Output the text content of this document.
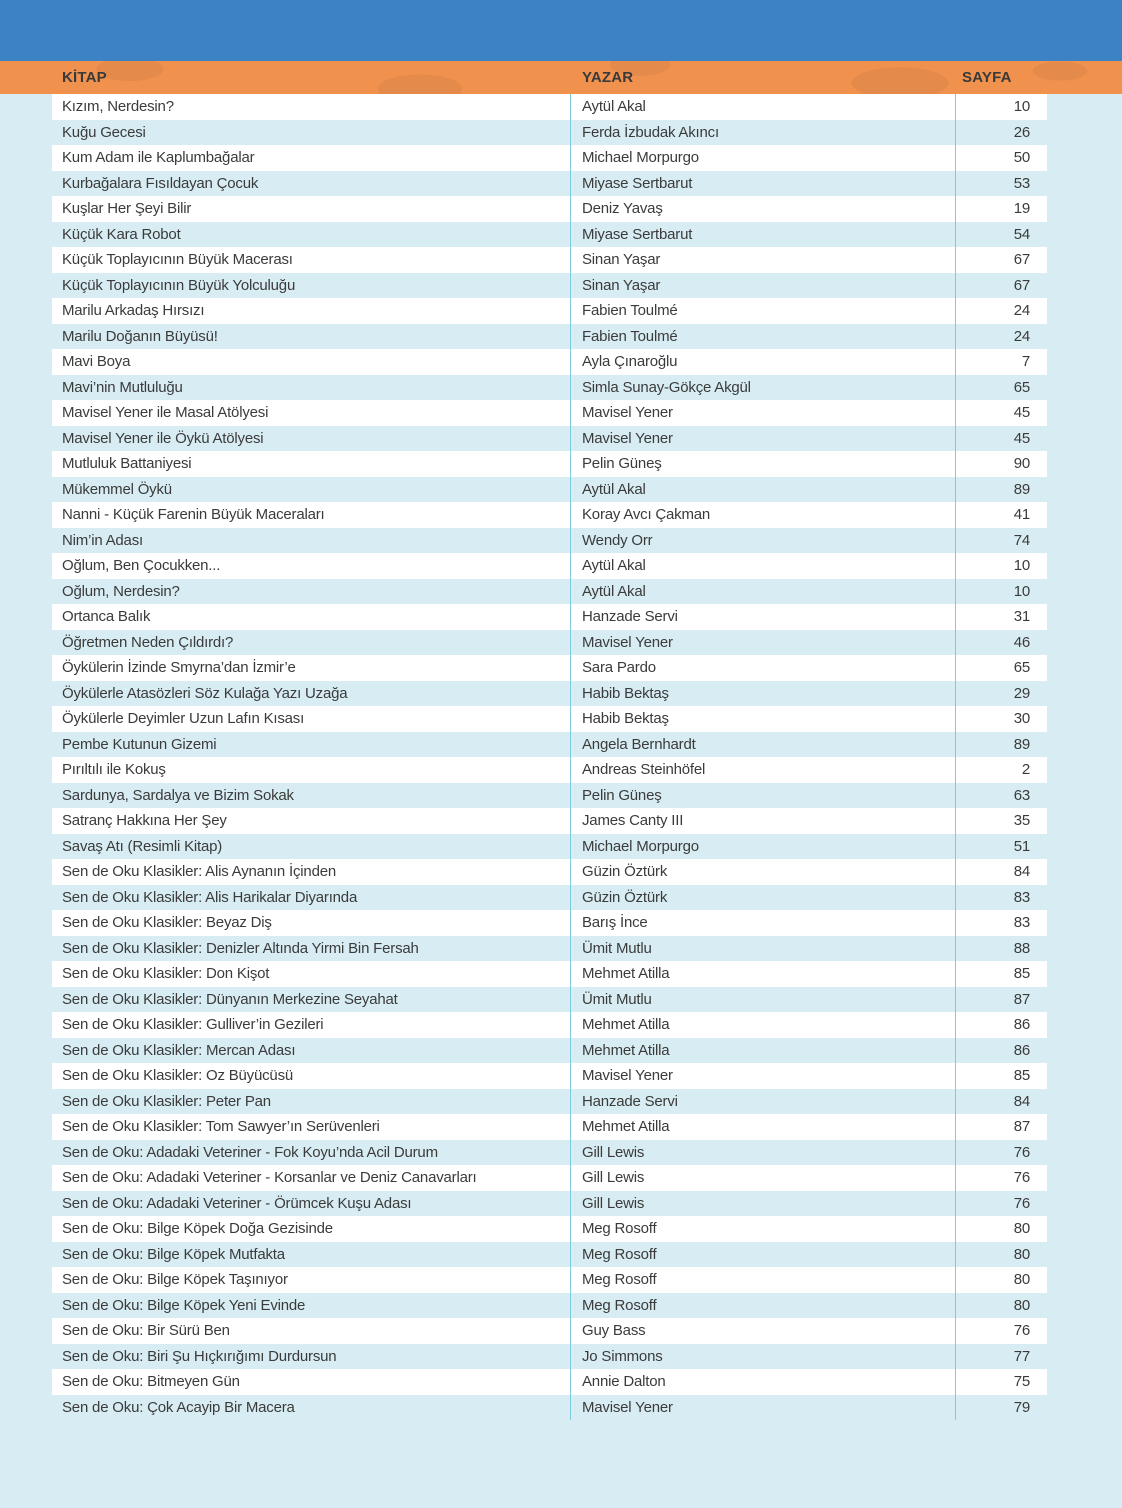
KİTAP	YAZAR	SAYFA
Kızım, Nerdesin?	Aytül Akal	10
Kuğu Gecesi	Ferda İzbudak Akıncı	26
Kum Adam ile Kaplumbağalar	Michael Morpurgo	50
Kurbağalara Fısıldayan Çocuk	Miyase Sertbarut	53
Kuşlar Her Şeyi Bilir	Deniz Yavaş	19
Küçük Kara Robot	Miyase Sertbarut	54
Küçük Toplayıcının Büyük Macerası	Sinan Yaşar	67
Küçük Toplayıcının Büyük Yolculuğu	Sinan Yaşar	67
Marilu Arkadaş Hırsızı	Fabien Toulmé	24
Marilu Doğanın Büyüsü!	Fabien Toulmé	24
Mavi Boya	Ayla Çınaroğlu	7
Mavi’nin Mutluluğu	Simla Sunay-Gökçe Akgül	65
Mavisel Yener ile Masal Atölyesi	Mavisel Yener	45
Mavisel Yener ile Öykü Atölyesi	Mavisel Yener	45
Mutluluk Battaniyesi	Pelin Güneş	90
Mükemmel Öykü	Aytül Akal	89
Nanni - Küçük Farenin Büyük Maceraları	Koray Avcı Çakman	41
Nim’in Adası	Wendy Orr	74
Oğlum, Ben Çocukken...	Aytül Akal	10
Oğlum, Nerdesin?	Aytül Akal	10
Ortanca Balık	Hanzade Servi	31
Öğretmen Neden Çıldırdı?	Mavisel Yener	46
Öykülerin İzinde Smyrna’dan İzmir’e	Sara Pardo	65
Öykülerle Atasözleri Söz Kulağa Yazı Uzağa	Habib Bektaş	29
Öykülerle Deyimler Uzun Lafın Kısası	Habib Bektaş	30
Pembe Kutunun Gizemi	Angela Bernhardt	89
Pırıltılı ile Kokuş	Andreas Steinhöfel	2
Sardunya, Sardalya ve Bizim Sokak	Pelin Güneş	63
Satranç Hakkına Her Şey	James Canty III	35
Savaş Atı (Resimli Kitap)	Michael Morpurgo	51
Sen de Oku Klasikler: Alis Aynanın İçinden	Güzin Öztürk	84
Sen de Oku Klasikler: Alis Harikalar Diyarında	Güzin Öztürk	83
Sen de Oku Klasikler: Beyaz Diş	Barış İnce	83
Sen de Oku Klasikler: Denizler Altında Yirmi Bin Fersah	Ümit Mutlu	88
Sen de Oku Klasikler: Don Kişot	Mehmet Atilla	85
Sen de Oku Klasikler: Dünyanın Merkezine Seyahat	Ümit Mutlu	87
Sen de Oku Klasikler: Gulliver’in Gezileri	Mehmet Atilla	86
Sen de Oku Klasikler: Mercan Adası	Mehmet Atilla	86
Sen de Oku Klasikler: Oz Büyücüsü	Mavisel Yener	85
Sen de Oku Klasikler: Peter Pan	Hanzade Servi	84
Sen de Oku Klasikler: Tom Sawyer’ın Serüvenleri	Mehmet Atilla	87
Sen de Oku: Adadaki Veteriner - Fok Koyu’nda Acil Durum	Gill Lewis	76
Sen de Oku: Adadaki Veteriner - Korsanlar ve Deniz Canavarları	Gill Lewis	76
Sen de Oku: Adadaki Veteriner - Örümcek Kuşu Adası	Gill Lewis	76
Sen de Oku: Bilge Köpek Doğa Gezisinde	Meg Rosoff	80
Sen de Oku: Bilge Köpek Mutfakta	Meg Rosoff	80
Sen de Oku: Bilge Köpek Taşınıyor	Meg Rosoff	80
Sen de Oku: Bilge Köpek Yeni Evinde	Meg Rosoff	80
Sen de Oku: Bir Sürü Ben	Guy Bass	76
Sen de Oku: Biri Şu Hıçkırığımı Durdursun	Jo Simmons	77
Sen de Oku: Bitmeyen Gün	Annie Dalton	75
Sen de Oku: Çok Acayip Bir Macera	Mavisel Yener	79
